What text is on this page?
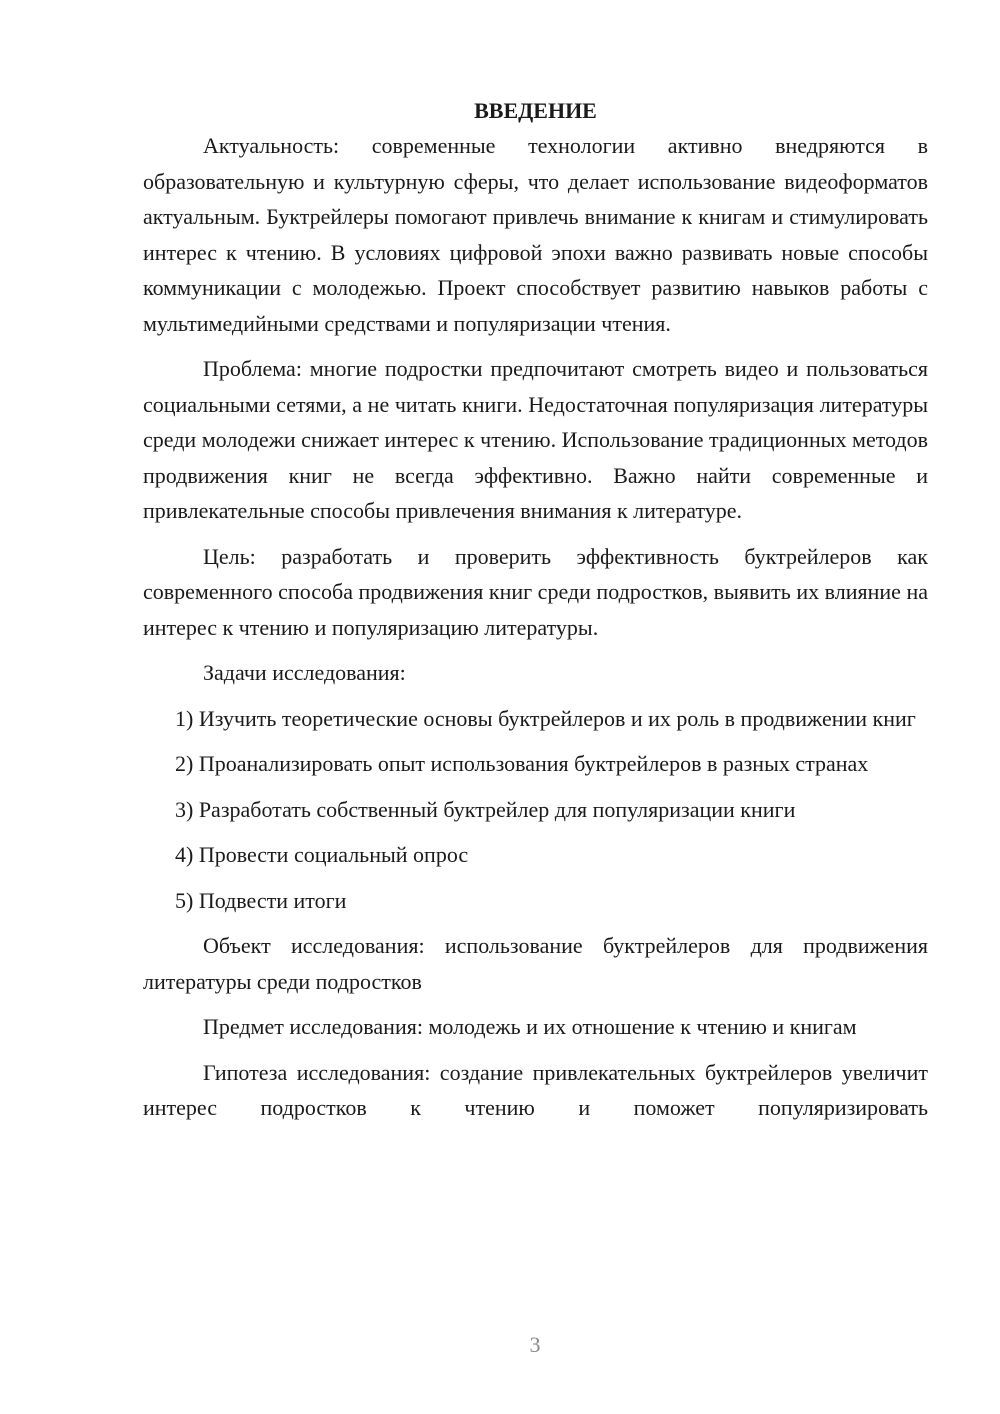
ВВЕДЕНИЕ

Актуальность: современные технологии активно внедряются в образовательную и культурную сферы, что делает использование видеоформатов актуальным. Буктрейлеры помогают привлечь внимание к книгам и стимулировать интерес к чтению. В условиях цифровой эпохи важно развивать новые способы коммуникации с молодежью. Проект способствует развитию навыков работы с мультимедийными средствами и популяризации чтения.

Проблема: многие подростки предпочитают смотреть видео и пользоваться социальными сетями, а не читать книги. Недостаточная популяризация литературы среди молодежи снижает интерес к чтению. Использование традиционных методов продвижения книг не всегда эффективно. Важно найти современные и привлекательные способы привлечения внимания к литературе.

Цель: разработать и проверить эффективность буктрейлеров как современного способа продвижения книг среди подростков, выявить их влияние на интерес к чтению и популяризацию литературы.

Задачи исследования:

1) Изучить теоретические основы буктрейлеров и их роль в продвижении книг

2) Проанализировать опыт использования буктрейлеров в разных странах

3) Разработать собственный буктрейлер для популяризации книги

4) Провести социальный опрос

5) Подвести итоги

Объект исследования: использование буктрейлеров для продвижения литературы среди подростков

Предмет исследования: молодежь и их отношение к чтению и книгам

Гипотеза исследования: создание привлекательных буктрейлеров увеличит интерес подростков к чтению и поможет популяризировать

3
